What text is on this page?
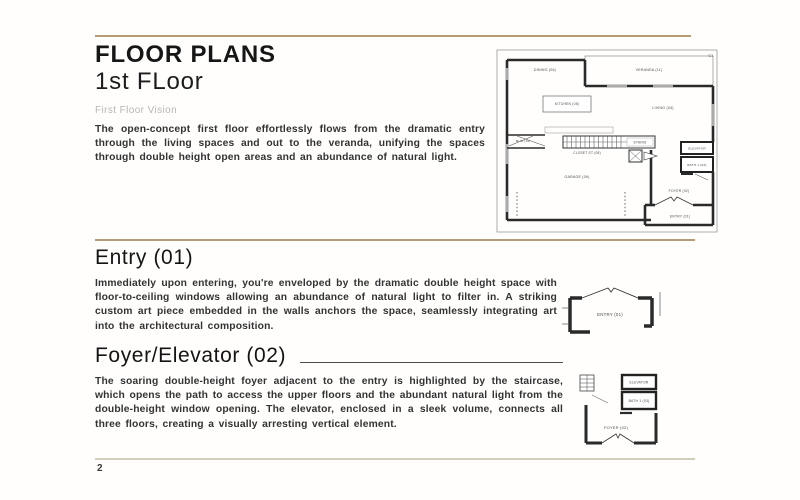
FLOOR PLANS
1st FLoor
First Floor Vision

The open-concept first floor effortlessly flows from the dramatic entry through the living spaces and out to the veranda, unifying the spaces through double height open areas and an abundance of natural light.

C1
VERANDA (11)
KITCHEN (05)
DINING (06)
LIVING (04)
MUD (10)	STAIRS
CLOSET ST (08)
GARAGE (09)
ELEVATOR
BATH 1 (03)
FOYER (02)
ENTRY (01)
Entry (01)

Immediately upon entering, you're enveloped by the dramatic double height space with floor-to-ceiling windows allowing an abundance of natural light to filter in. A striking custom art piece embedded in the walls anchors the space, seamlessly integrating art into the architectural composition.

ENTRY (01)
Foyer/Elevator (02)

The soaring double-height foyer adjacent to the entry is highlighted by the staircase, which opens the path to access the upper floors and the abundant natural light from the double-height window opening. The elevator, enclosed in a sleek volume, connects all three floors, creating a visually arresting vertical element.

ELEVATOR
BATH 1 (03)
FOYER (02)
2
